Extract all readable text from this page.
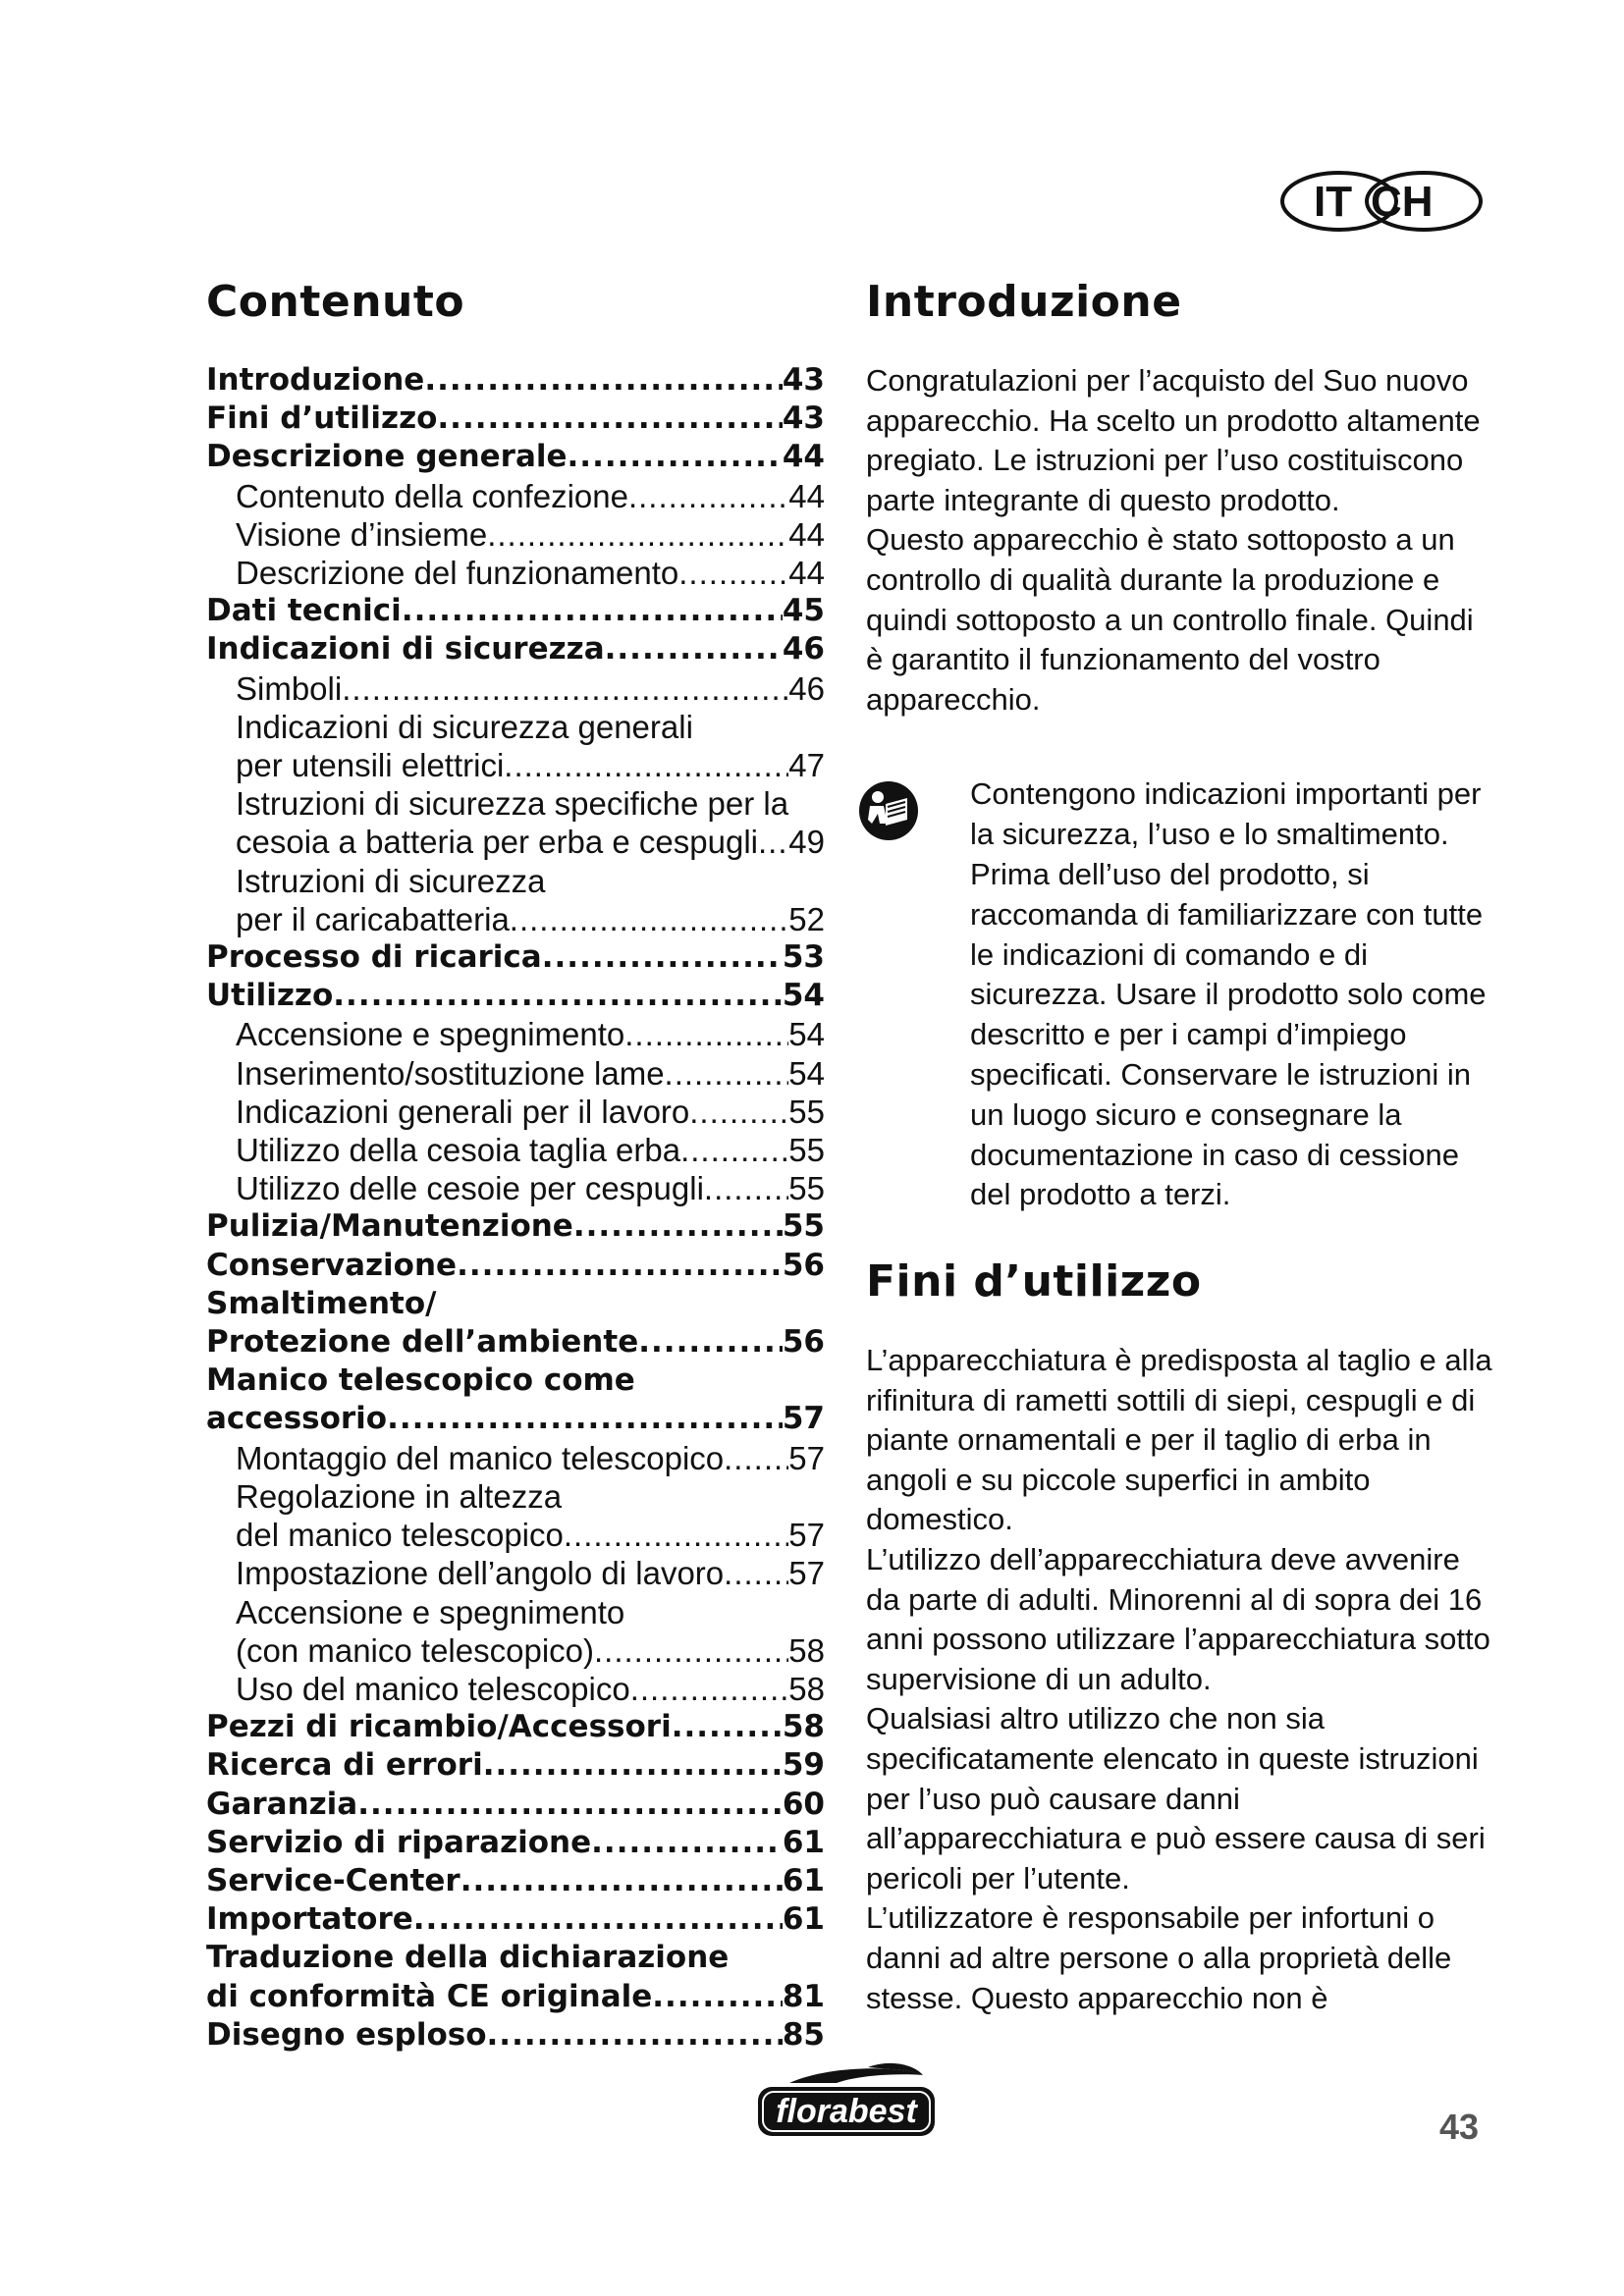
IT CH
Contenuto
Introduzione .....	43
Fini d’utilizzo .....	43
Descrizione generale .....	44
Contenuto della confezione .....	44
Visione d’insieme .....	44
Descrizione del funzionamento .....	44
Dati tecnici .....	45
Indicazioni di sicurezza .....	46
Simboli .....	46
Indicazioni di sicurezza generali
per utensili elettrici .....	47
Istruzioni di sicurezza specifiche per la
cesoia a batteria per erba e cespugli ..... 49
Istruzioni di sicurezza
per il caricabatteria .....	52
Processo di ricarica .....	53
Utilizzo .....	54
Accensione e spegnimento .....	54
Inserimento/sostituzione lame .....	54
Indicazioni generali per il lavoro .....	55
Utilizzo della cesoia taglia erba .....	55
Utilizzo delle cesoie per cespugli .....	55
Pulizia/Manutenzione .....	55
Conservazione .....	56
Smaltimento/
Protezione dell’ambiente .....	56
Manico telescopico come
accessorio .....	57
Montaggio del manico telescopico ..... 57
Regolazione in altezza
del manico telescopico .....	57
Impostazione dell’angolo di lavoro ..... 57
Accensione e spegnimento
(con manico telescopico) .....	58
Uso del manico telescopico .....	58
Pezzi di ricambio/Accessori .....	58
Ricerca di errori .....	59
Garanzia .....	60
Servizio di riparazione .....	61
Service-Center .....	61
Importatore .....	61
Traduzione della dichiarazione
di conformità CE originale .....	81
Disegno esploso .....	85
Introduzione

Congratulazioni per l’acquisto del Suo nuovo apparecchio. Ha scelto un prodotto altamente pregiato. Le istruzioni per l’uso costituiscono parte integrante di questo prodotto.

Questo apparecchio è stato sottoposto a un controllo di qualità durante la produzione e quindi sottoposto a un controllo finale. Quindi è garantito il funzionamento del vostro apparecchio.

Contengono indicazioni importanti per la sicurezza, l’uso e lo smaltimento. Prima dell’uso del prodotto, si raccomanda di familiarizzare con tutte le indicazioni di comando e di sicurezza. Usare il prodotto solo come descritto e per i campi d’impiego specificati. Conservare le istruzioni in un luogo sicuro e consegnare la documentazione in caso di cessione del prodotto a terzi.

Fini d’utilizzo

L’apparecchiatura è predisposta al taglio e alla rifinitura di rametti sottili di siepi, cespugli e di piante ornamentali e per il taglio di erba in angoli e su piccole superfici in ambito domestico.

L’utilizzo dell’apparecchiatura deve avvenire da parte di adulti. Minorenni al di sopra dei 16 anni possono utilizzare l’apparecchiatura sotto supervisione di un adulto.

Qualsiasi altro utilizzo che non sia specificatamente elencato in queste istruzioni per l’uso può causare danni all’apparecchiatura e può essere causa di seri pericoli per l’utente.

L’utilizzatore è responsabile per infortuni o danni ad altre persone o alla proprietà delle stesse. Questo apparecchio non è

florabest	43
